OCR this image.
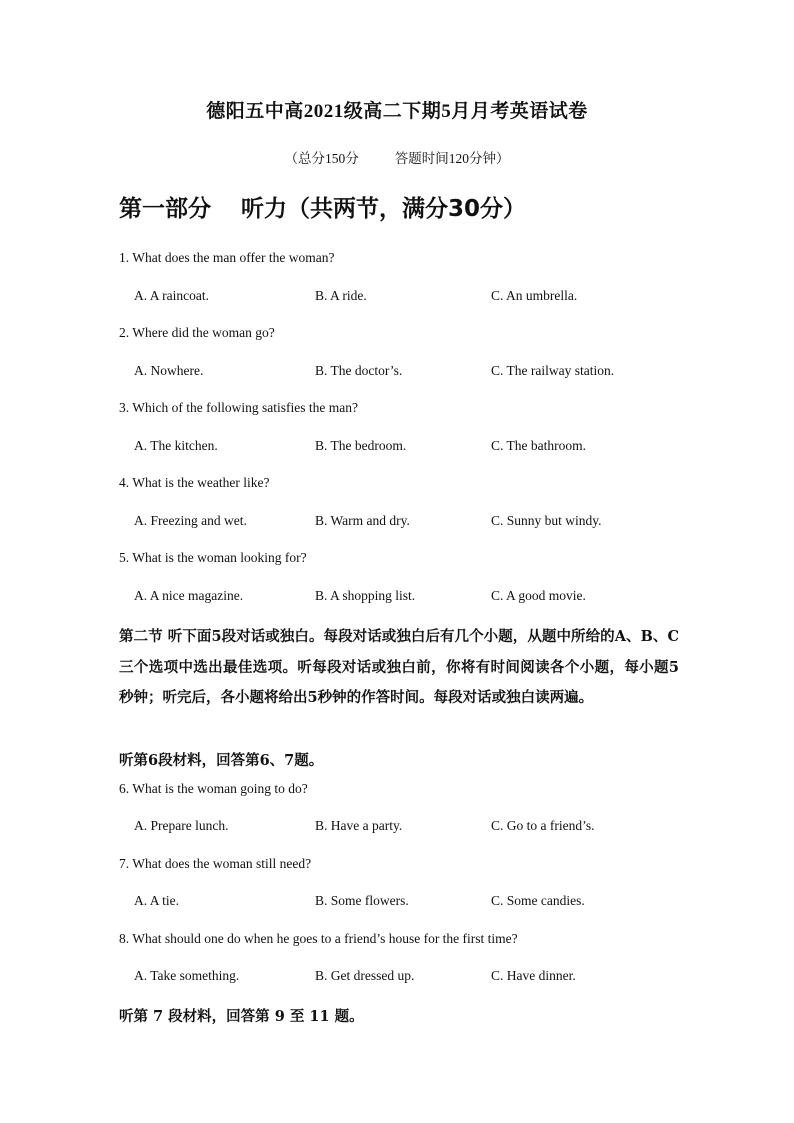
德阳五中高2021级高二下期5月月考英语试卷
（总分150分	答题时间120分钟）
第一部分 听力（共两节，满分30分）
1. What does the man offer the woman?
A. A raincoat.	B. A ride.	C. An umbrella.
2. Where did the woman go?
A. Nowhere.	B. The doctor’s.	C. The railway station.
3. Which of the following satisfies the man?
A. The kitchen.	B. The bedroom.	C. The bathroom.
4. What is the weather like?
A. Freezing and wet.	B. Warm and dry.	C. Sunny but windy.
5. What is the woman looking for?
A. A nice magazine.	B. A shopping list.	C. A good movie.
第二节 听下面5段对话或独白。每段对话或独白后有几个小题，从题中所给的A、B、C三个选项中选出最佳选项。听每段对话或独白前，你将有时间阅读各个小题，每小题5秒钟；听完后，各小题将给出5秒钟的作答时间。每段对话或独白读两遍。
听第6段材料，回答第6、7题。
6. What is the woman going to do?
A. Prepare lunch.	B. Have a party.	C. Go to a friend’s.
7. What does the woman still need?
A. A tie.	B. Some flowers.	C. Some candies.
8. What should one do when he goes to a friend’s house for the first time?
A. Take something.	B. Get dressed up.	C. Have dinner.
听第 7 段材料，回答第 9 至 11 题。
